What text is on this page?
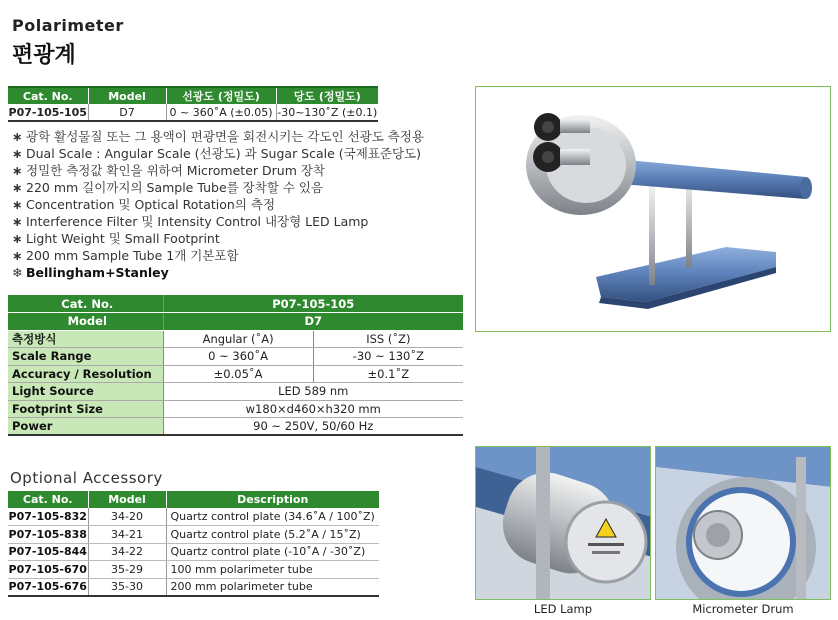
Polarimeter
편광계
Cat. No.	Model	선광도 (정밀도)	당도 (정밀도)
P07-105-105	D7	0 ~ 360˚A (±0.05)	-30~130˚Z (±0.1)
∗ 광학 활성물질 또는 그 용액이 편광면을 회전시키는 각도인 선광도 측정용
∗ Dual Scale : Angular Scale (선광도) 과 Sugar Scale (국제표준당도)
∗ 정밀한 측정값 확인을 위하여 Micrometer Drum 장착
∗ 220 mm 길이까지의 Sample Tube를 장착할 수 있음
∗ Concentration 및 Optical Rotation의 측정
∗ Interference Filter 및 Intensity Control 내장형 LED Lamp
∗ Light Weight 및 Small Footprint
∗ 200 mm Sample Tube 1개 기본포함
❄ Bellingham+Stanley
Cat. No.	P07-105-105	
Model	D7	
측정방식	Angular (˚A)	ISS (˚Z)
Scale Range	0 ~ 360˚A	-30 ~ 130˚Z
Accuracy / Resolution	±0.05˚A	±0.1˚Z
Light Source	LED 589 nm	
Footprint Size	w180×d460×h320 mm	
Power	90 ~ 250V, 50/60 Hz	
Optional Accessory
Cat. No.	Model	Description
P07-105-832	34-20	Quartz control plate (34.6˚A / 100˚Z)
P07-105-838	34-21	Quartz control plate (5.2˚A / 15˚Z)
P07-105-844	34-22	Quartz control plate (-10˚A / -30˚Z)
P07-105-670	35-29	100 mm polarimeter tube
P07-105-676	35-30	200 mm polarimeter tube
LED Lamp	Micrometer Drum
